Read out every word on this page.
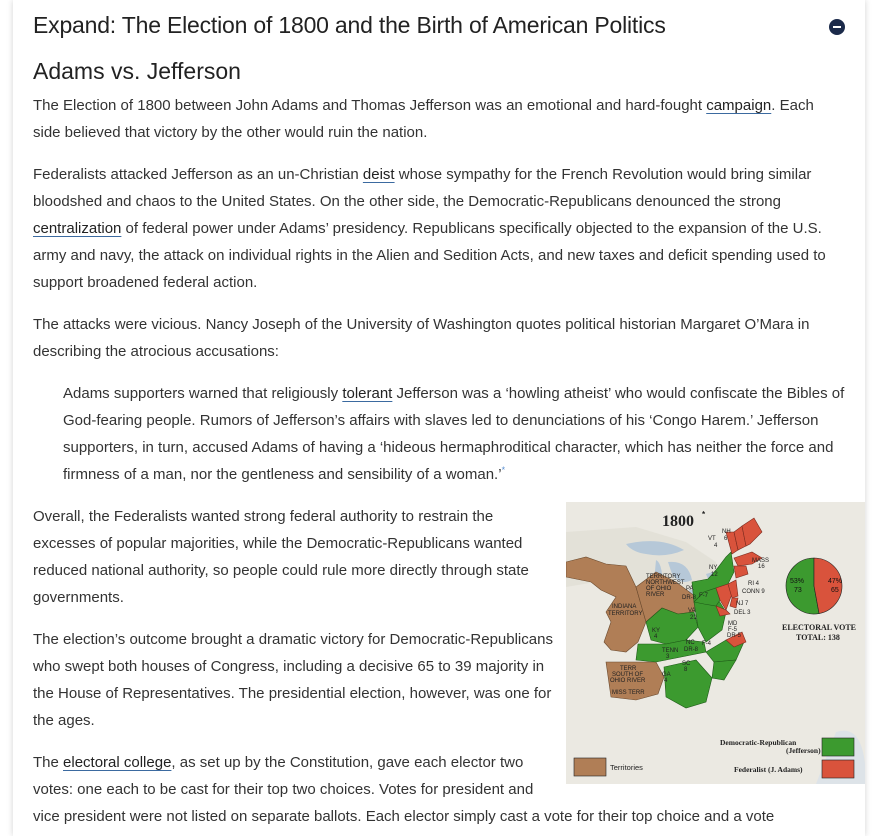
Expand: The Election of 1800 and the Birth of American Politics
Adams vs. Jefferson

The Election of 1800 between John Adams and Thomas Jefferson was an emotional and hard-fought campaign. Each side believed that victory by the other would ruin the nation.

Federalists attacked Jefferson as an un-Christian deist whose sympathy for the French Revolution would bring similar bloodshed and chaos to the United States. On the other side, the Democratic-Republicans denounced the strong centralization of federal power under Adams’ presidency. Republicans specifically objected to the expansion of the U.S. army and navy, the attack on individual rights in the Alien and Sedition Acts, and new taxes and deficit spending used to support broadened federal action.

The attacks were vicious. Nancy Joseph of the University of Washington quotes political historian Margaret O’Mara in describing the atrocious accusations:

Adams supporters warned that religiously tolerant Jefferson was a ‘howling atheist’ who would confiscate the Bibles of God-fearing people. Rumors of Jefferson’s affairs with slaves led to denunciations of his ‘Congo Harem.’ Jefferson supporters, in turn, accused Adams of having a ‘hideous hermaphroditical character, which has neither the force and firmness of a man, nor the gentleness and sensibility of a woman.’*
1800 *
VT
4
NH
6
MASS
16
NY
12
RI 4
CONN 9
NJ 7
DEL 3
MD
F-5
DR-5
PA
DR-8 F-7
TERRITORY
NORTHWEST
OF OHIO
RIVER
INDIANA
TERRITORY	VA
21
KY
4
TENN
3
NC
DR-8
F-4
SC
8
GA
4
TERR
SOUTH OF
OHIO RIVER
MISS TERR
53%
73
47%
65
ELECTORAL VOTE
TOTAL: 138
Democratic-Republican
(Jefferson)
Federalist (J. Adams)
Territories

Overall, the Federalists wanted strong federal authority to restrain the excesses of popular majorities, while the Democratic-Republicans wanted reduced national authority, so people could rule more directly through state governments.

The election’s outcome brought a dramatic victory for Democratic-Republicans who swept both houses of Congress, including a decisive 65 to 39 majority in the House of Representatives. The presidential election, however, was one for the ages.

The electoral college, as set up by the Constitution, gave each elector two votes: one each to be cast for their top two choices. Votes for president and vice president were not listed on separate ballots. Each elector simply cast a vote for their top choice and a vote
